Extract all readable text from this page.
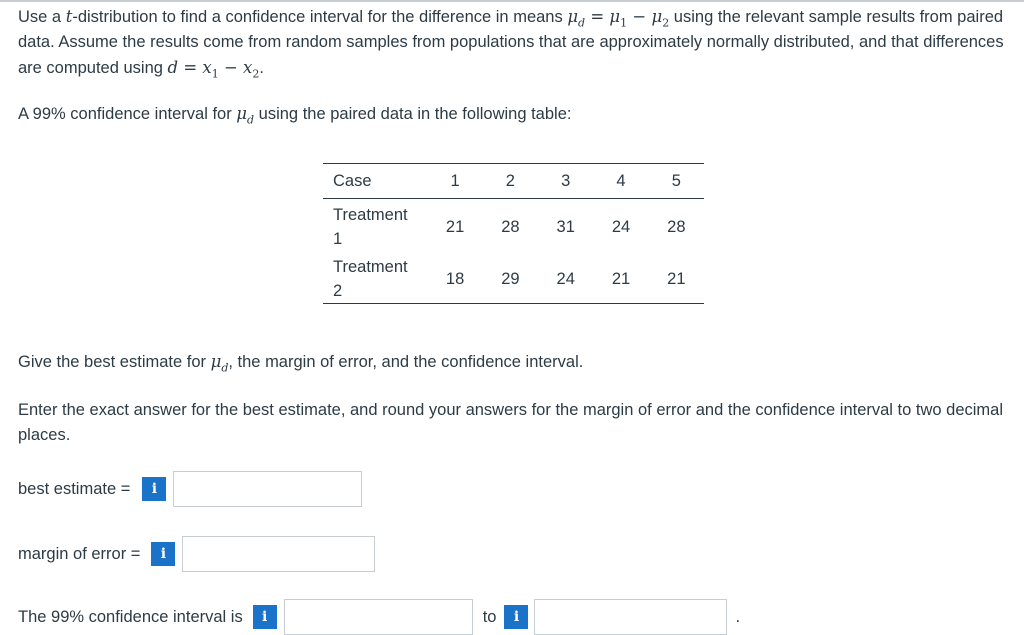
Use a t-distribution to find a confidence interval for the difference in means $\mu_d = \mu_1 - \mu_2$ using the relevant sample results from paired data. Assume the results come from random samples from populations that are approximately normally distributed, and that differences are computed using $d = x_1 - x_2$.
A 99% confidence interval for $\mu_d$ using the paired data in the following table:
Case	1	2	3	4	5

Treatment
1	21	28	31	24	28

Treatment
2	18	29	24	21	21
Give the best estimate for $\mu_d$, the margin of error, and the confidence interval.
Enter the exact answer for the best estimate, and round your answers for the margin of error and the confidence interval to two decimal places.
best estimate =	i
margin of error =	i
The 99% confidence interval is	i	to	i	.
